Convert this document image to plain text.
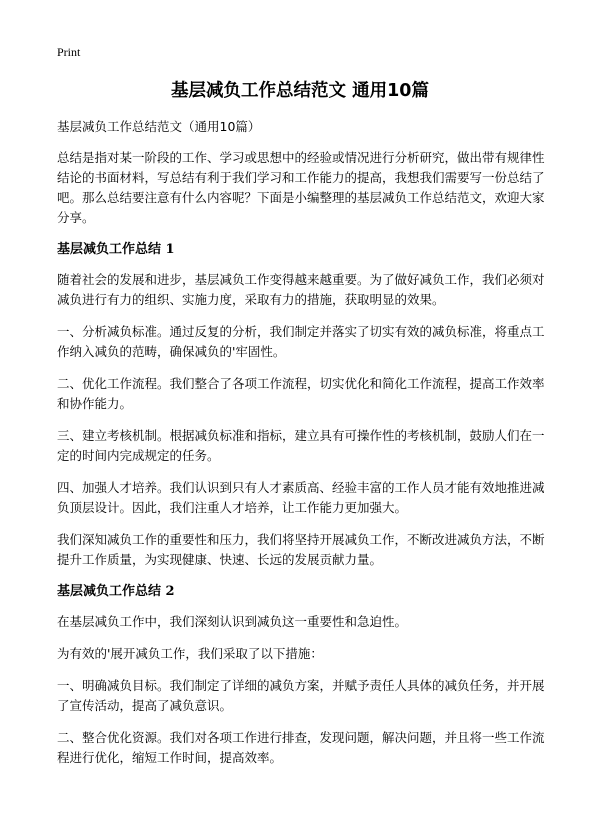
Print
基层减负工作总结范文 通用10篇

基层减负工作总结范文（通用10篇）

总结是指对某一阶段的工作、学习或思想中的经验或情况进行分析研究，做出带有规律性结论的书面材料，写总结有利于我们学习和工作能力的提高，我想我们需要写一份总结了吧。那么总结要注意有什么内容呢？下面是小编整理的基层减负工作总结范文，欢迎大家分享。

基层减负工作总结 1

随着社会的发展和进步，基层减负工作变得越来越重要。为了做好减负工作，我们必须对减负进行有力的组织、实施力度，采取有力的措施，获取明显的效果。

一、分析减负标准。通过反复的分析，我们制定并落实了切实有效的减负标准，将重点工作纳入减负的范畴，确保减负的'牢固性。

二、优化工作流程。我们整合了各项工作流程，切实优化和简化工作流程，提高工作效率和协作能力。

三、建立考核机制。根据减负标准和指标，建立具有可操作性的考核机制，鼓励人们在一定的时间内完成规定的任务。

四、加强人才培养。我们认识到只有人才素质高、经验丰富的工作人员才能有效地推进减负顶层设计。因此，我们注重人才培养，让工作能力更加强大。

我们深知减负工作的重要性和压力，我们将坚持开展减负工作，不断改进减负方法，不断提升工作质量，为实现健康、快速、长远的发展贡献力量。

基层减负工作总结 2

在基层减负工作中，我们深刻认识到减负这一重要性和急迫性。

为有效的'展开减负工作，我们采取了以下措施：

一、明确减负目标。我们制定了详细的减负方案，并赋予责任人具体的减负任务，并开展了宣传活动，提高了减负意识。

二、整合优化资源。我们对各项工作进行排查，发现问题，解决问题，并且将一些工作流程进行优化，缩短工作时间，提高效率。
